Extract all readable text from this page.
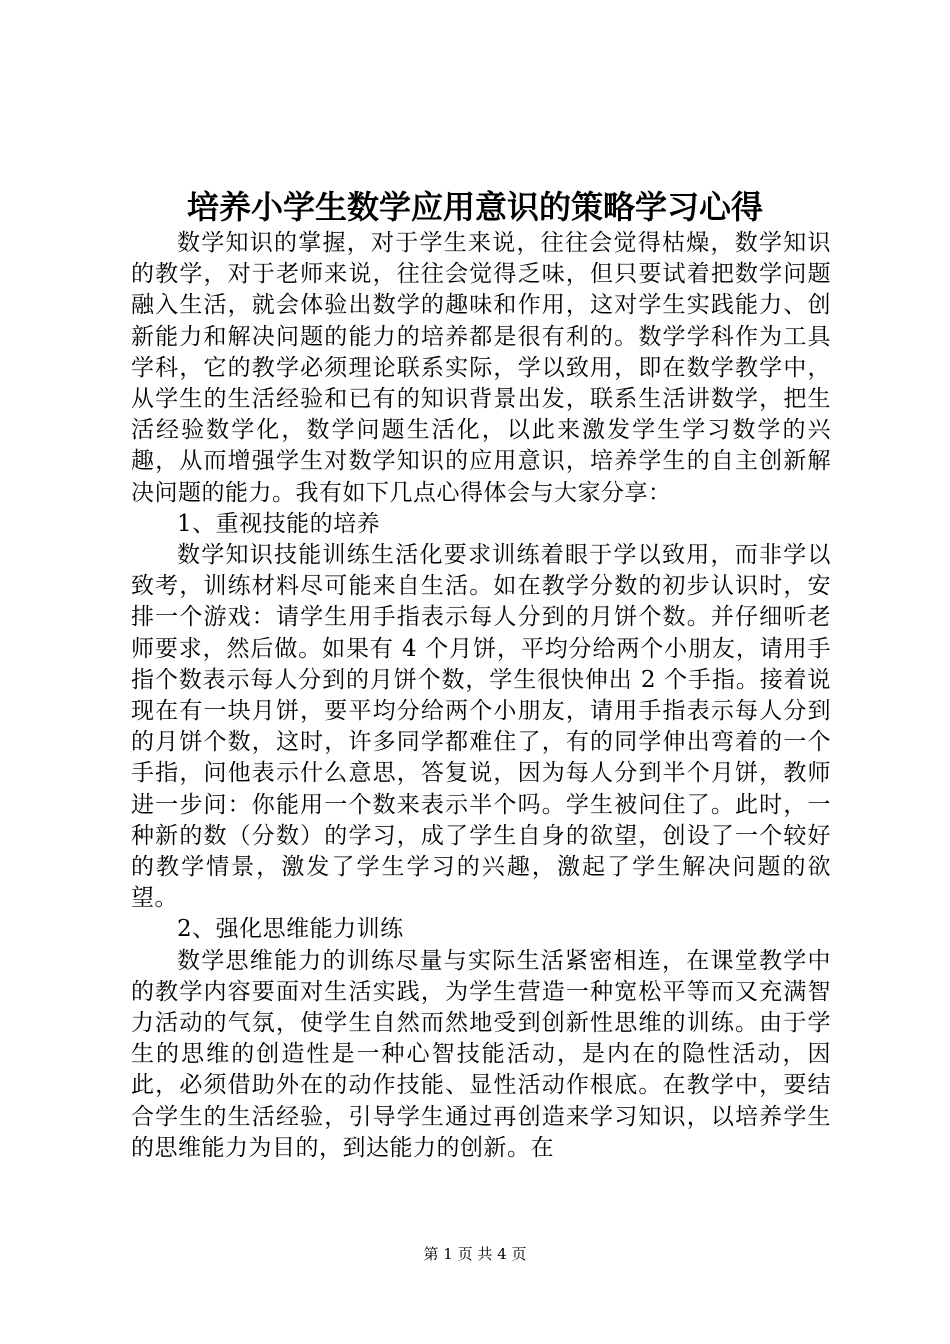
培养小学生数学应用意识的策略学习心得

数学知识的掌握，对于学生来说，往往会觉得枯燥，数学知识的教学，对于老师来说，往往会觉得乏味，但只要试着把数学问题融入生活，就会体验出数学的趣味和作用，这对学生实践能力、创新能力和解决问题的能力的培养都是很有利的。数学学科作为工具学科，它的教学必须理论联系实际，学以致用，即在数学教学中，从学生的生活经验和已有的知识背景出发，联系生活讲数学，把生活经验数学化，数学问题生活化，以此来激发学生学习数学的兴趣，从而增强学生对数学知识的应用意识，培养学生的自主创新解决问题的能力。我有如下几点心得体会与大家分享：

1、重视技能的培养

数学知识技能训练生活化要求训练着眼于学以致用，而非学以致考，训练材料尽可能来自生活。如在教学分数的初步认识时，安排一个游戏：请学生用手指表示每人分到的月饼个数。并仔细听老师要求，然后做。如果有 4 个月饼，平均分给两个小朋友，请用手指个数表示每人分到的月饼个数，学生很快伸出 2 个手指。接着说现在有一块月饼，要平均分给两个小朋友，请用手指表示每人分到的月饼个数，这时，许多同学都难住了，有的同学伸出弯着的一个手指，问他表示什么意思，答复说，因为每人分到半个月饼，教师进一步问：你能用一个数来表示半个吗。学生被问住了。此时，一种新的数（分数）的学习，成了学生自身的欲望，创设了一个较好的教学情景，激发了学生学习的兴趣，激起了学生解决问题的欲望。

2、强化思维能力训练

数学思维能力的训练尽量与实际生活紧密相连，在课堂教学中的教学内容要面对生活实践，为学生营造一种宽松平等而又充满智力活动的气氛，使学生自然而然地受到创新性思维的训练。由于学生的思维的创造性是一种心智技能活动，是内在的隐性活动，因此，必须借助外在的动作技能、显性活动作根底。在教学中，要结合学生的生活经验，引导学生通过再创造来学习知识，以培养学生的思维能力为目的，到达能力的创新。在

第 1 页 共 4 页
